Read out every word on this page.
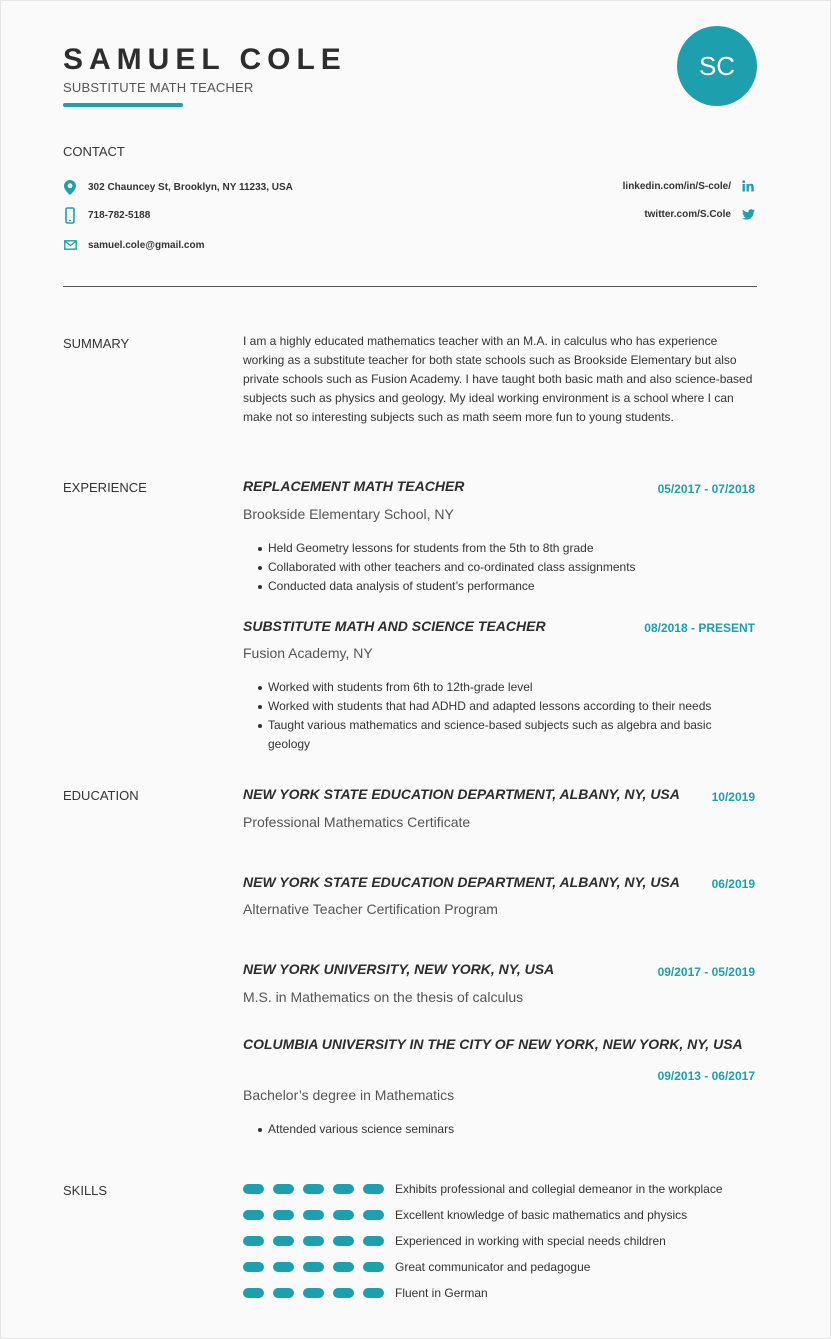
SAMUEL COLE
SUBSTITUTE MATH TEACHER
SC
CONTACT
302 Chauncey St, Brooklyn, NY 11233, USA
718-782-5188
samuel.cole@gmail.com
linkedin.com/in/S-cole/
twitter.com/S.Cole
SUMMARY	I am a highly educated mathematics teacher with an M.A. in calculus who has experience working as a substitute teacher for both state schools such as Brookside Elementary but also private schools such as Fusion Academy. I have taught both basic math and also science-based subjects such as physics and geology. My ideal working environment is a school where I can make not so interesting subjects such as math seem more fun to young students.
EXPERIENCE	REPLACEMENT MATH TEACHER	05/2017 - 07/2018
Brookside Elementary School, NY
Held Geometry lessons for students from the 5th to 8th grade
Collaborated with other teachers and co-ordinated class assignments
Conducted data analysis of student’s performance
SUBSTITUTE MATH AND SCIENCE TEACHER	08/2018 - PRESENT
Fusion Academy, NY
Worked with students from 6th to 12th-grade level
Worked with students that had ADHD and adapted lessons according to their needs
Taught various mathematics and science-based subjects such as algebra and basic geology
EDUCATION	NEW YORK STATE EDUCATION DEPARTMENT, ALBANY, NY, USA	10/2019
Professional Mathematics Certificate
NEW YORK STATE EDUCATION DEPARTMENT, ALBANY, NY, USA	06/2019
Alternative Teacher Certification Program
NEW YORK UNIVERSITY, NEW YORK, NY, USA	09/2017 - 05/2019
M.S. in Mathematics on the thesis of calculus
COLUMBIA UNIVERSITY IN THE CITY OF NEW YORK, NEW YORK, NY, USA
09/2013 - 06/2017
Bachelor’s degree in Mathematics
Attended various science seminars
SKILLS	Exhibits professional and collegial demeanor in the workplace
Excellent knowledge of basic mathematics and physics
Experienced in working with special needs children
Great communicator and pedagogue
Fluent in German
